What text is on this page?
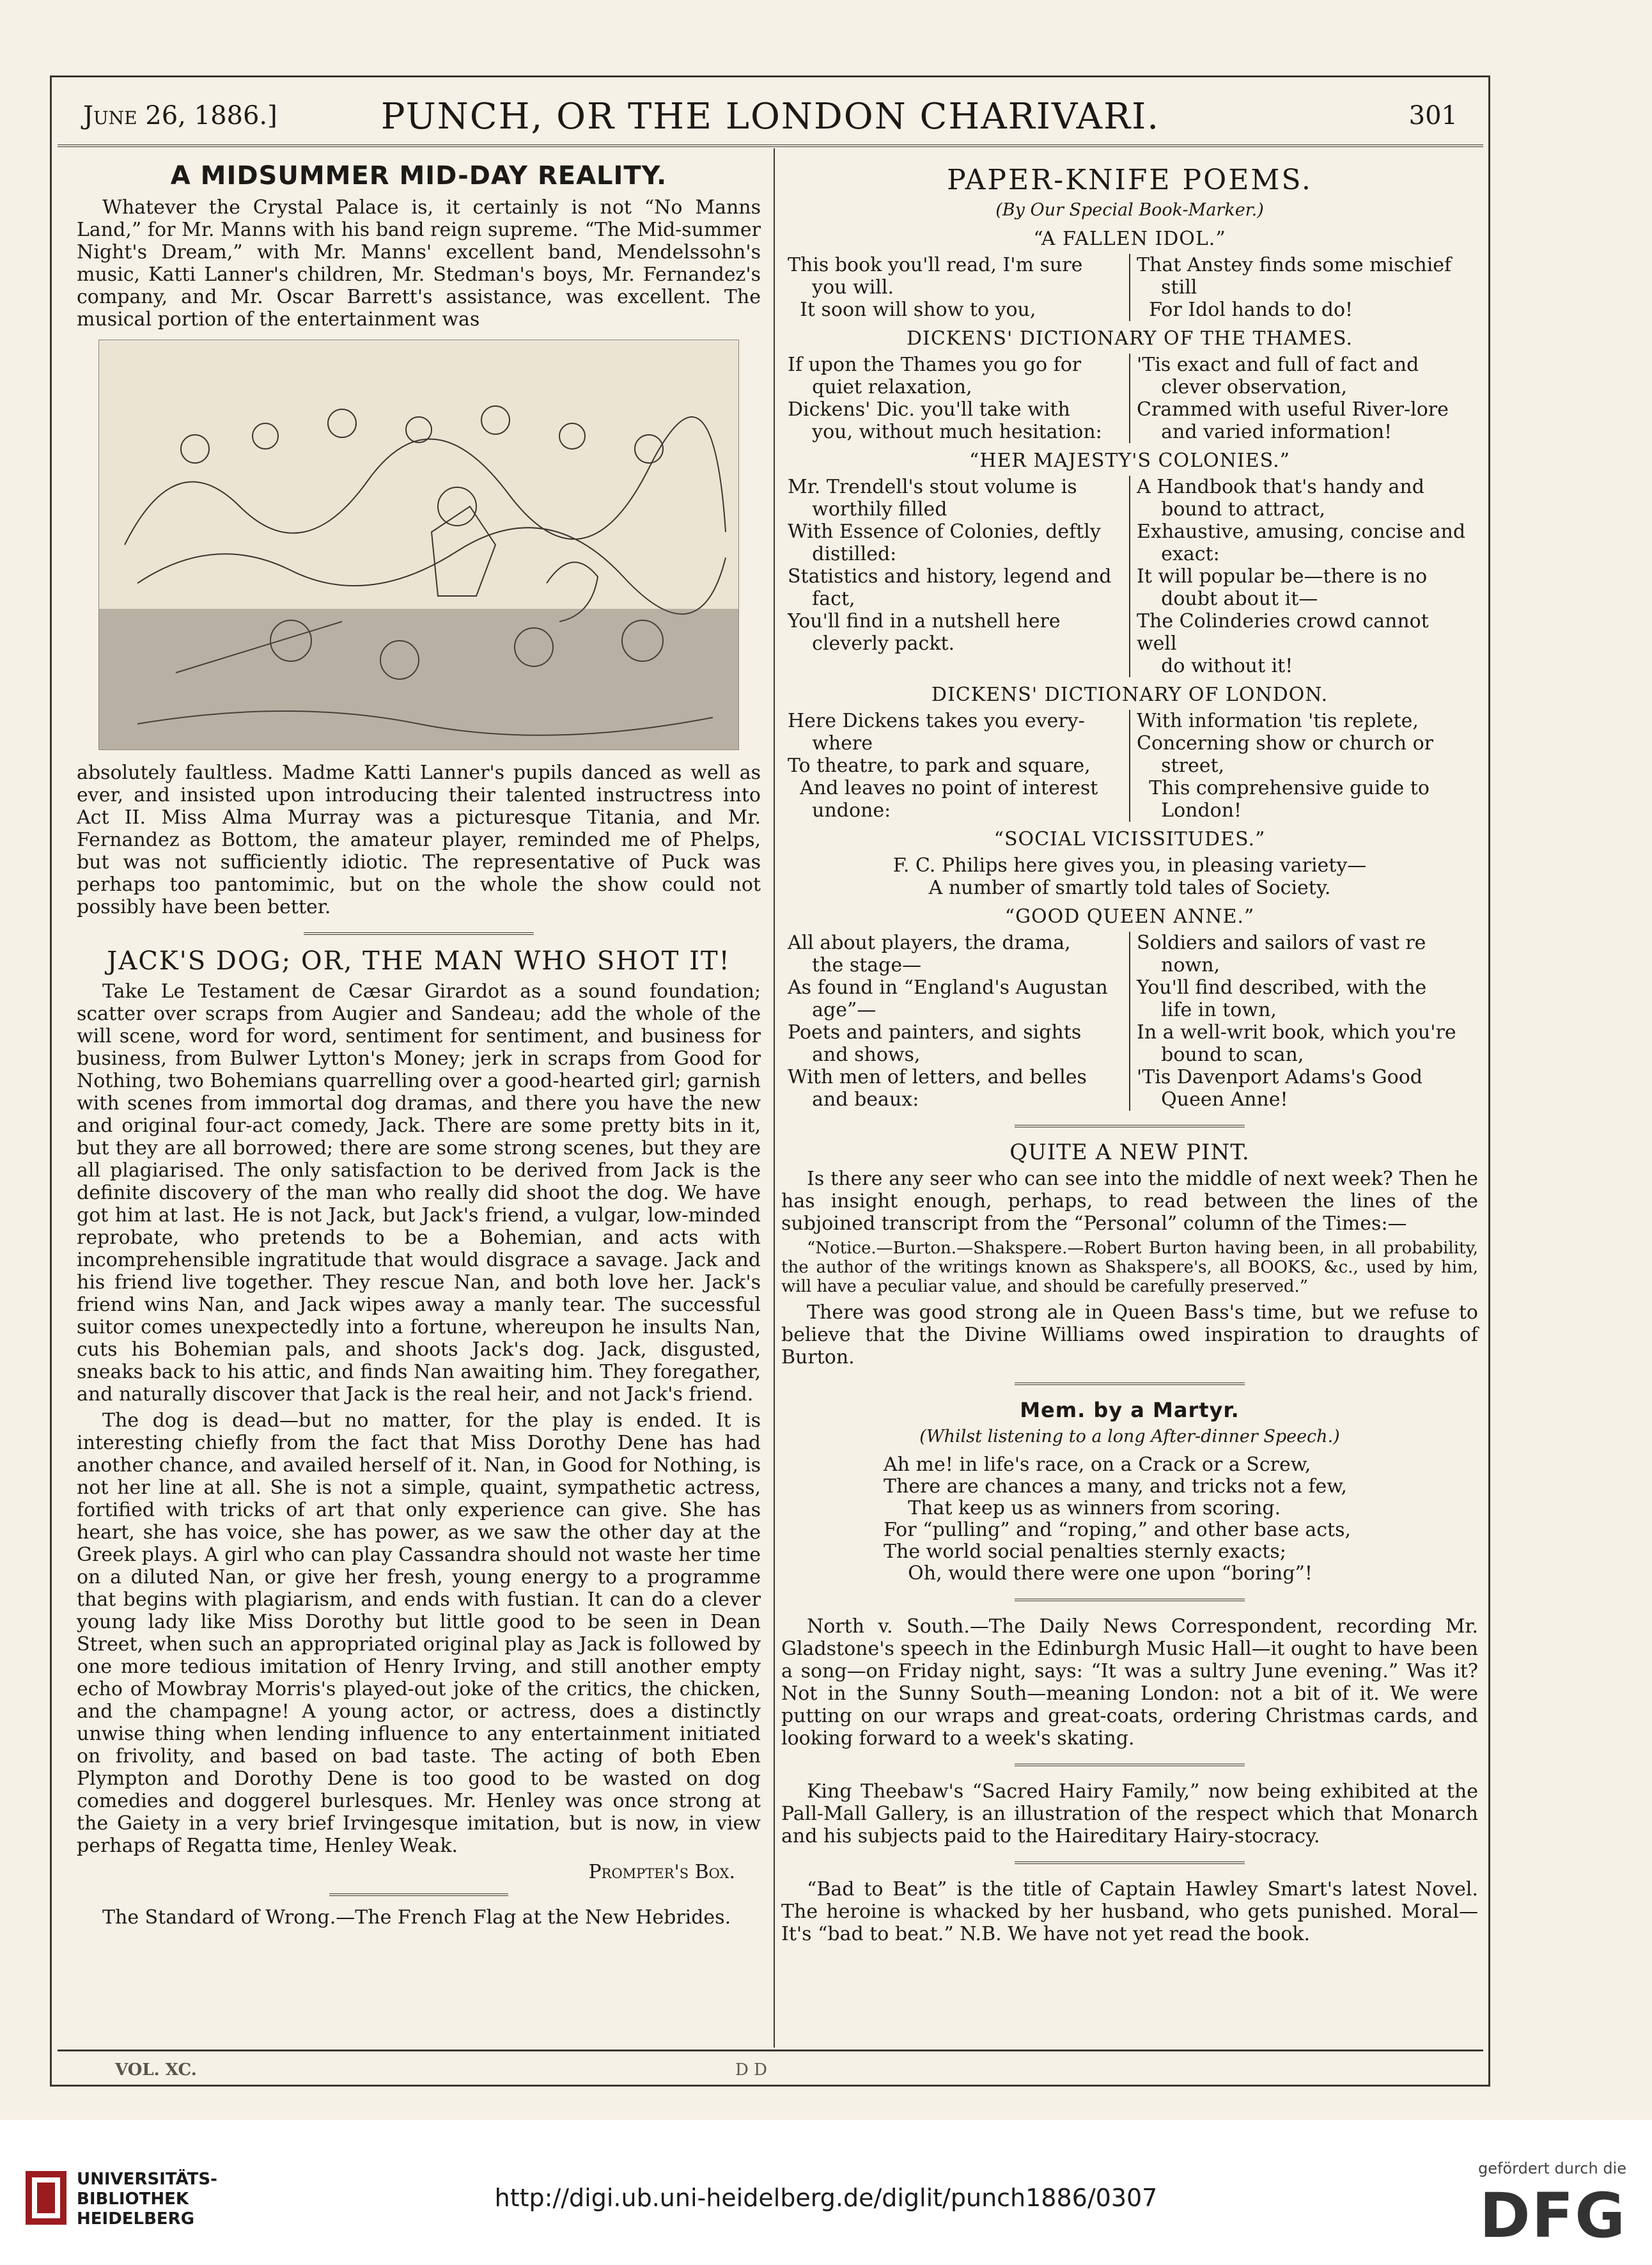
June 26, 1886.]	PUNCH, OR THE LONDON CHARIVARI.	301
A MIDSUMMER MID-DAY REALITY.

Whatever the Crystal Palace is, it certainly is not “No Manns Land,” for Mr. Manns with his band reign supreme. “The Mid-summer Night's Dream,” with Mr. Manns' excellent band, Mendelssohn's music, Katti Lanner's children, Mr. Stedman's boys, Mr. Fernandez's company, and Mr. Oscar Barrett's assistance, was excellent. The musical portion of the entertainment was

absolutely faultless. Madme Katti Lanner's pupils danced as well as ever, and insisted upon introducing their talented instructress into Act II. Miss Alma Murray was a picturesque Titania, and Mr. Fernandez as Bottom, the amateur player, reminded me of Phelps, but was not sufficiently idiotic. The representative of Puck was perhaps too pantomimic, but on the whole the show could not possibly have been better.

JACK'S DOG; OR, THE MAN WHO SHOT IT!

Take Le Testament de Cæsar Girardot as a sound foundation; scatter over scraps from Augier and Sandeau; add the whole of the will scene, word for word, sentiment for sentiment, and business for business, from Bulwer Lytton's Money; jerk in scraps from Good for Nothing, two Bohemians quarrelling over a good-hearted girl; garnish with scenes from immortal dog dramas, and there you have the new and original four-act comedy, Jack. There are some pretty bits in it, but they are all borrowed; there are some strong scenes, but they are all plagiarised. The only satisfaction to be derived from Jack is the definite discovery of the man who really did shoot the dog. We have got him at last. He is not Jack, but Jack's friend, a vulgar, low-minded reprobate, who pretends to be a Bohemian, and acts with incomprehensible ingratitude that would disgrace a savage. Jack and his friend live together. They rescue Nan, and both love her. Jack's friend wins Nan, and Jack wipes away a manly tear. The successful suitor comes unexpectedly into a fortune, whereupon he insults Nan, cuts his Bohemian pals, and shoots Jack's dog. Jack, disgusted, sneaks back to his attic, and finds Nan awaiting him. They foregather, and naturally discover that Jack is the real heir, and not Jack's friend.

The dog is dead—but no matter, for the play is ended. It is interesting chiefly from the fact that Miss Dorothy Dene has had another chance, and availed herself of it. Nan, in Good for Nothing, is not her line at all. She is not a simple, quaint, sympathetic actress, fortified with tricks of art that only experience can give. She has heart, she has voice, she has power, as we saw the other day at the Greek plays. A girl who can play Cassandra should not waste her time on a diluted Nan, or give her fresh, young energy to a programme that begins with plagiarism, and ends with fustian. It can do a clever young lady like Miss Dorothy but little good to be seen in Dean Street, when such an appropriated original play as Jack is followed by one more tedious imitation of Henry Irving, and still another empty echo of Mowbray Morris's played-out joke of the critics, the chicken, and the champagne! A young actor, or actress, does a distinctly unwise thing when lending influence to any entertainment initiated on frivolity, and based on bad taste. The acting of both Eben Plympton and Dorothy Dene is too good to be wasted on dog comedies and doggerel burlesques. Mr. Henley was once strong at the Gaiety in a very brief Irvingesque imitation, but is now, in view perhaps of Regatta time, Henley Weak.

Prompter's Box.

The Standard of Wrong.—The French Flag at the New Hebrides.

PAPER-KNIFE POEMS.
(By Our Special Book-Marker.)
“A FALLEN IDOL.”
This book you'll read, I'm sure
you will.
It soon will show to you,
That Anstey finds some mischief
still
For Idol hands to do!
DICKENS' DICTIONARY OF THE THAMES.
If upon the Thames you go for
quiet relaxation,
Dickens' Dic. you'll take with
you, without much hesitation:
'Tis exact and full of fact and
clever observation,
Crammed with useful River-lore
and varied information!
“HER MAJESTY'S COLONIES.”
Mr. Trendell's stout volume is
worthily filled
With Essence of Colonies, deftly
distilled:
Statistics and history, legend and
fact,
You'll find in a nutshell here
cleverly packt.
A Handbook that's handy and
bound to attract,
Exhaustive, amusing, concise and
exact:
It will popular be—there is no
doubt about it—
The Colinderies crowd cannot well
do without it!
DICKENS' DICTIONARY OF LONDON.
Here Dickens takes you every-
where
To theatre, to park and square,
And leaves no point of interest
undone:
With information 'tis replete,
Concerning show or church or
street,
This comprehensive guide to
London!
“SOCIAL VICISSITUDES.”
F. C. Philips here gives you, in pleasing variety—
A number of smartly told tales of Society.
“GOOD QUEEN ANNE.”
All about players, the drama,
the stage—
As found in “England's Augustan
age”—
Poets and painters, and sights
and shows,
With men of letters, and belles
and beaux:
Soldiers and sailors of vast re
nown,
You'll find described, with the
life in town,
In a well-writ book, which you're
bound to scan,
'Tis Davenport Adams's Good
Queen Anne!
QUITE A NEW PINT.

Is there any seer who can see into the middle of next week? Then he has insight enough, perhaps, to read between the lines of the subjoined transcript from the “Personal” column of the Times:—

“Notice.—Burton.—Shakspere.—Robert Burton having been, in all probability, the author of the writings known as Shakspere's, all BOOKS, &c., used by him, will have a peculiar value, and should be carefully preserved.”

There was good strong ale in Queen Bass's time, but we refuse to believe that the Divine Williams owed inspiration to draughts of Burton.

Mem. by a Martyr.
(Whilst listening to a long After-dinner Speech.)
Ah me! in life's race, on a Crack or a Screw,
There are chances a many, and tricks not a few,
That keep us as winners from scoring.
For “pulling” and “roping,” and other base acts,
The world social penalties sternly exacts;
Oh, would there were one upon “boring”!

North v. South.—The Daily News Correspondent, recording Mr. Gladstone's speech in the Edinburgh Music Hall—it ought to have been a song—on Friday night, says: “It was a sultry June evening.” Was it? Not in the Sunny South—meaning London: not a bit of it. We were putting on our wraps and great-coats, ordering Christmas cards, and looking forward to a week's skating.

King Theebaw's “Sacred Hairy Family,” now being exhibited at the Pall-Mall Gallery, is an illustration of the respect which that Monarch and his subjects paid to the Haireditary Hairy-stocracy.

“Bad to Beat” is the title of Captain Hawley Smart's latest Novel. The heroine is whacked by her husband, who gets punished. Moral—It's “bad to beat.” N.B. We have not yet read the book.

VOL. XC.	D D
UNIVERSITÄTS-
BIBLIOTHEK
HEIDELBERG
http://digi.ub.uni-heidelberg.de/diglit/punch1886/0307
gefördert durch die
DFG
